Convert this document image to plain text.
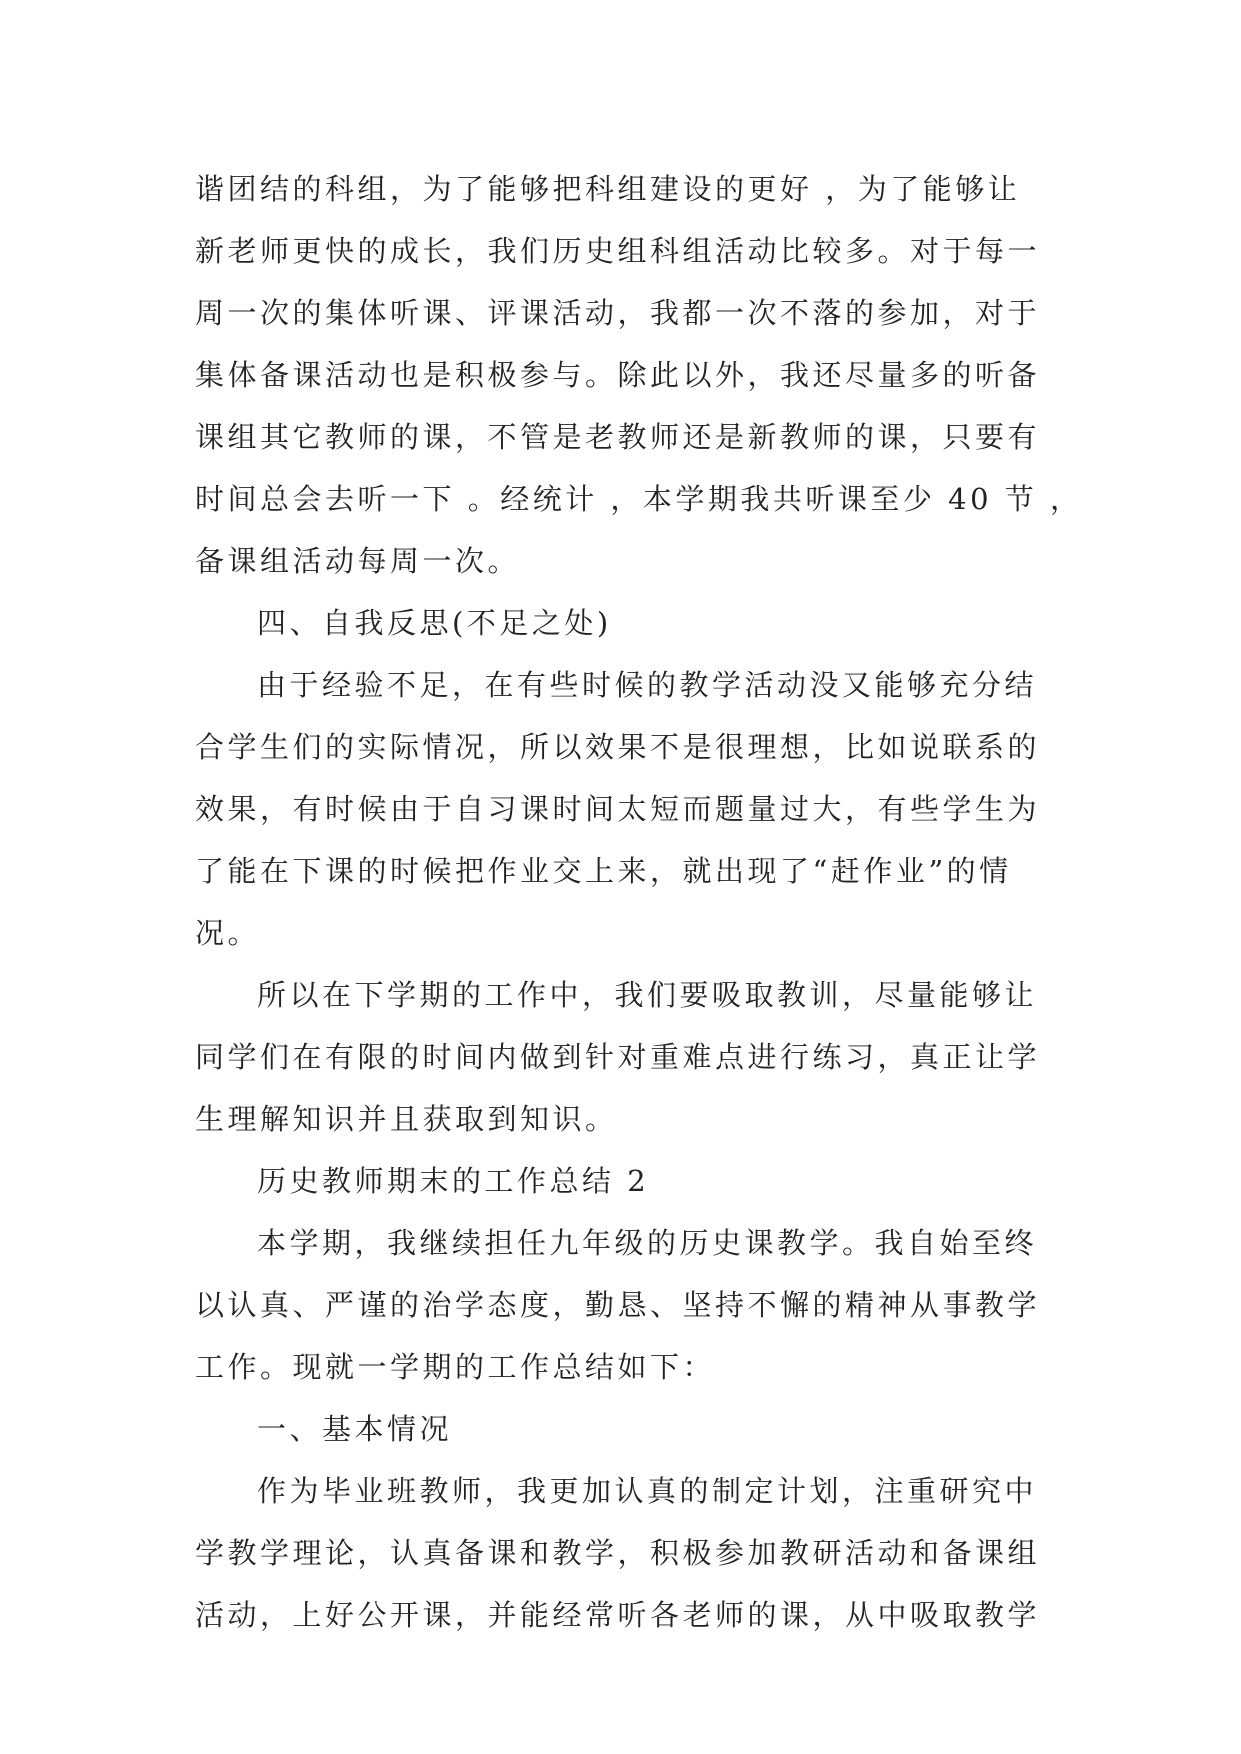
谐团结的科组，为了能够把科组建设的更好 ，为了能够让
新老师更快的成长，我们历史组科组活动比较多。对于每一
周一次的集体听课、评课活动，我都一次不落的参加，对于
集体备课活动也是积极参与。除此以外，我还尽量多的听备
课组其它教师的课，不管是老教师还是新教师的课，只要有
时间总会去听一下 。经统计 ，本学期我共听课至少 40 节 ，
备课组活动每周一次。
四、自我反思(不足之处)
由于经验不足，在有些时候的教学活动没又能够充分结
合学生们的实际情况，所以效果不是很理想，比如说联系的
效果，有时候由于自习课时间太短而题量过大，有些学生为
了能在下课的时候把作业交上来，就出现了“赶作业”的情
况。
所以在下学期的工作中，我们要吸取教训，尽量能够让
同学们在有限的时间内做到针对重难点进行练习，真正让学
生理解知识并且获取到知识。
历史教师期末的工作总结 2
本学期，我继续担任九年级的历史课教学。我自始至终
以认真、严谨的治学态度，勤恳、坚持不懈的精神从事教学
工作。现就一学期的工作总结如下：
一、基本情况
作为毕业班教师，我更加认真的制定计划，注重研究中
学教学理论，认真备课和教学，积极参加教研活动和备课组
活动，上好公开课，并能经常听各老师的课，从中吸取教学
